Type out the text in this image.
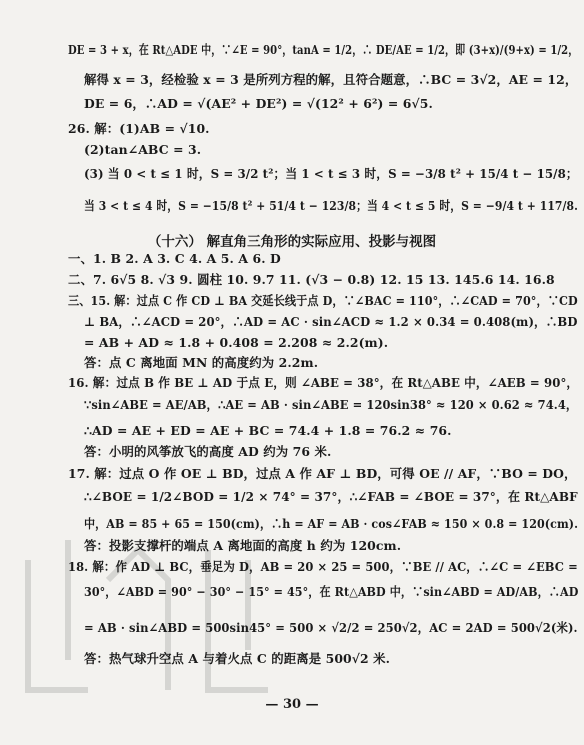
DE = 3 + x，在 Rt△ADE 中，∵∠E = 90°，tanA = 1/2，∴ DE/AE = 1/2，即 (3+x)/(9+x) = 1/2，
解得 x = 3，经检验 x = 3 是所列方程的解，且符合题意，∴BC = 3√2，AE = 12，
DE = 6，∴AD = √(AE² + DE²) = √(12² + 6²) = 6√5.
26. 解：(1)AB = √10.
(2)tan∠ABC = 3.
(3) 当 0 < t ≤ 1 时，S = 3/2 t²；当 1 < t ≤ 3 时，S = −3/8 t² + 15/4 t − 15/8；
当 3 < t ≤ 4 时，S = −15/8 t² + 51/4 t − 123/8；当 4 < t ≤ 5 时，S = −9/4 t + 117/8.
（十六） 解直角三角形的实际应用、投影与视图
一、1. B 2. A 3. C 4. A 5. A 6. D
二、7. 6√5 8. √3 9. 圆柱 10. 9.7 11. (√3 − 0.8) 12. 15 13. 145.6 14. 16.8
三、15. 解：过点 C 作 CD ⊥ BA 交延长线于点 D，∵∠BAC = 110°，∴∠CAD = 70°，∵CD
⊥ BA，∴∠ACD = 20°，∴AD = AC · sin∠ACD ≈ 1.2 × 0.34 = 0.408(m)，∴BD
= AB + AD ≈ 1.8 + 0.408 = 2.208 ≈ 2.2(m).
答：点 C 离地面 MN 的高度约为 2.2m.
16. 解：过点 B 作 BE ⊥ AD 于点 E，则 ∠ABE = 38°，在 Rt△ABE 中，∠AEB = 90°，
∵sin∠ABE = AE/AB，∴AE = AB · sin∠ABE = 120sin38° ≈ 120 × 0.62 ≈ 74.4，
∴AD = AE + ED = AE + BC = 74.4 + 1.8 = 76.2 ≈ 76.
答：小明的风筝放飞的高度 AD 约为 76 米.
17. 解：过点 O 作 OE ⊥ BD，过点 A 作 AF ⊥ BD，可得 OE // AF，∵BO = DO，
∴∠BOE = 1/2∠BOD = 1/2 × 74° = 37°，∴∠FAB = ∠BOE = 37°，在 Rt△ABF
中，AB = 85 + 65 = 150(cm)，∴h = AF = AB · cos∠FAB ≈ 150 × 0.8 = 120(cm).
答：投影支撑杆的端点 A 离地面的高度 h 约为 120cm.
18. 解：作 AD ⊥ BC，垂足为 D，AB = 20 × 25 = 500，∵BE // AC，∴∠C = ∠EBC =
30°，∠ABD = 90° − 30° − 15° = 45°，在 Rt△ABD 中，∵sin∠ABD = AD/AB，∴AD
= AB · sin∠ABD = 500sin45° = 500 × √2/2 = 250√2，AC = 2AD = 500√2(米).
答：热气球升空点 A 与着火点 C 的距离是 500√2 米.
— 30 —
